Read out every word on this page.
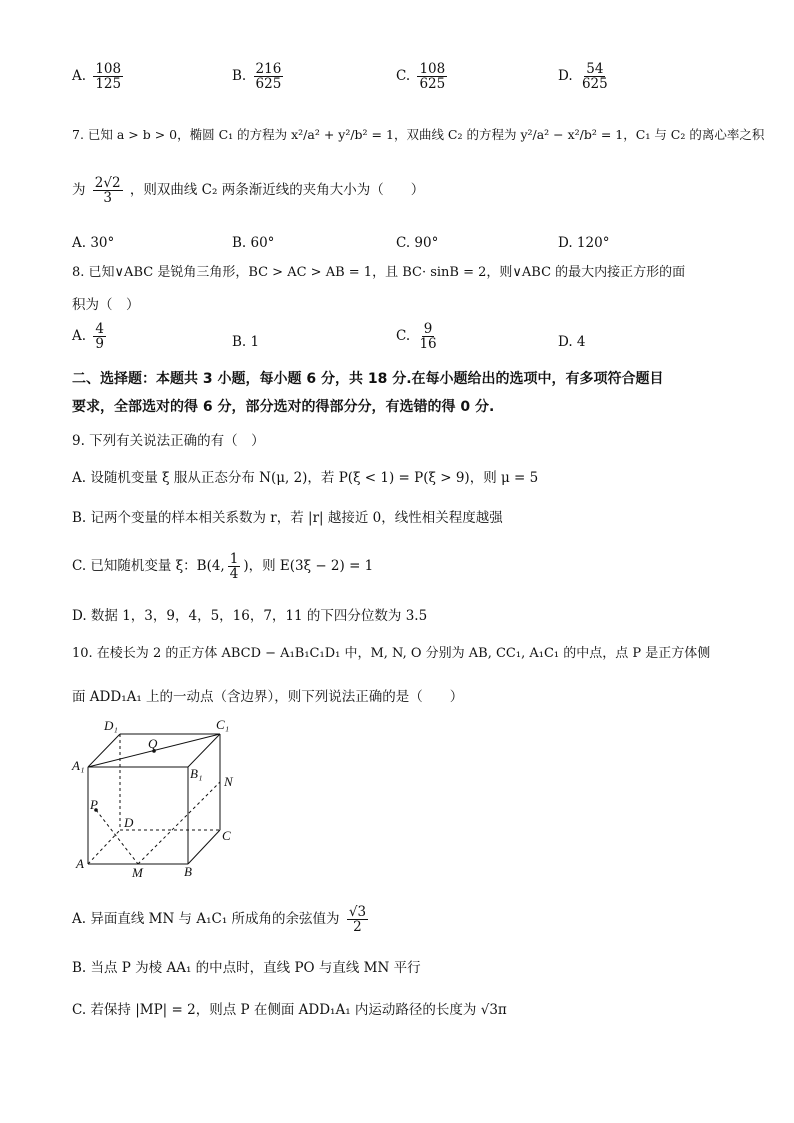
A. $\frac{108}{125}$	B. $\frac{216}{625}$	C. $\frac{108}{625}$	D. $\frac{54}{625}$
7. 已知 a > b > 0，椭圆 C₁ 的方程为 x²/a² + y²/b² = 1，双曲线 C₂ 的方程为 y²/a² − x²/b² = 1，C₁ 与 C₂ 的离心率之积
为 $\frac{2√2}{3}$ ，则双曲线 C₂ 两条渐近线的夹角大小为（　　）
A. 30°	B. 60°	C. 90°	D. 120°
8. 已知∨ABC 是锐角三角形，BC > AC > AB = 1，且 BC· sinB = 2，则∨ABC 的最大内接正方形的面
积为（　）
A. $\frac{4}{9}$	B. 1	C. $\frac{9}{16}$	D. 4
二、选择题：本题共 3 小题，每小题 6 分，共 18 分.在每小题给出的选项中，有多项符合题目
要求，全部选对的得 6 分，部分选对的得部分分，有选错的得 0 分.
9. 下列有关说法正确的有（　）
A. 设随机变量 ξ 服从正态分布 N(μ, 2)，若 P(ξ < 1) = P(ξ > 9)，则 μ = 5
B. 记两个变量的样本相关系数为 r，若 |r| 越接近 0，线性相关程度越强
C. 已知随机变量 ξ：B(4, $\frac{1}{4}$ )，则 E(3ξ − 2) = 1
D. 数据 1，3，9，4，5，16，7，11 的下四分位数为 3.5
10. 在棱长为 2 的正方体 ABCD − A₁B₁C₁D₁ 中，M, N, O 分别为 AB, CC₁, A₁C₁ 的中点，点 P 是正方体侧
面 ADD₁A₁ 上的一动点（含边界），则下列说法正确的是（　　）
D₁	C₁
Q
A₁
B₁
N
P
D
C
A
M	B
A. 异面直线 MN 与 A₁C₁ 所成角的余弦值为 $\frac{√3}{2}$
B. 当点 P 为棱 AA₁ 的中点时，直线 PO 与直线 MN 平行
C. 若保持 |MP| = 2，则点 P 在侧面 ADD₁A₁ 内运动路径的长度为 √3π
